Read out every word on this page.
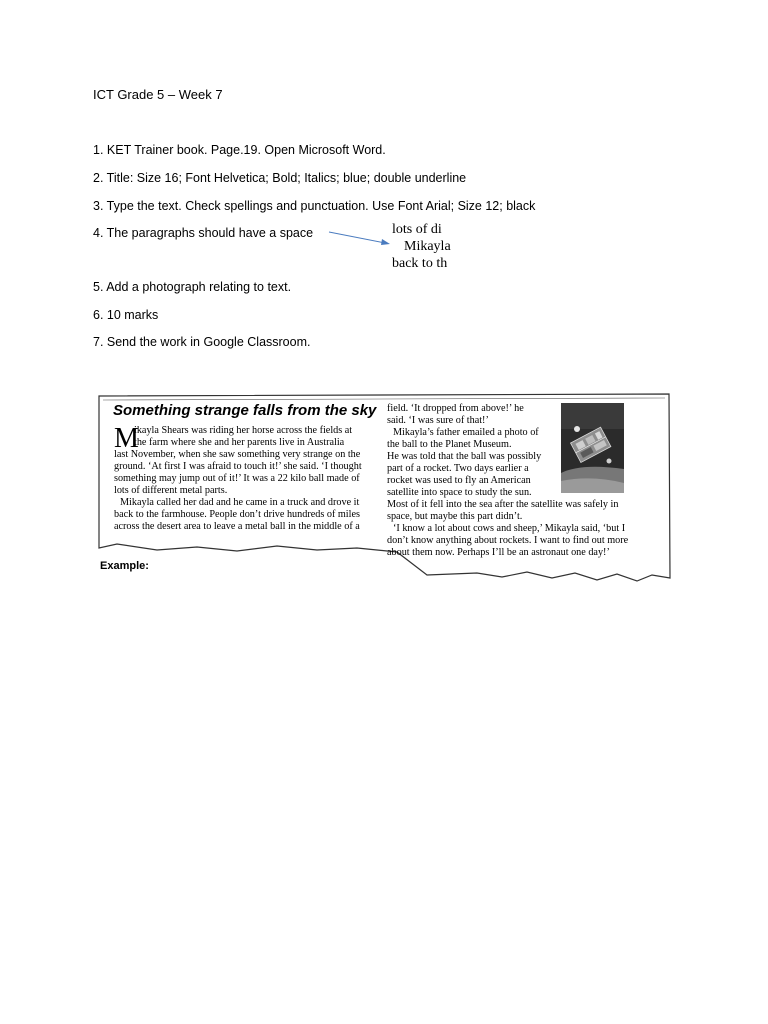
ICT Grade 5 – Week 7

1. KET Trainer book. Page.19. Open Microsoft Word.

2. Title: Size 16; Font Helvetica; Bold; Italics; blue; double underline

3. Type the text. Check spellings and punctuation. Use Font Arial; Size 12; black

4. The paragraphs should have a space

5. Add a photograph relating to text.

6. 10 marks

7. Send the work in Google Classroom.

lots of di
Mikayla
back to th
Something strange falls from the sky
M
ikayla Shears was riding her horse across the fields at
the farm where she and her parents live in Australia
last November, when she saw something very strange on the
ground. ‘At first I was afraid to touch it!’ she said. ‘I thought
something may jump out of it!’ It was a 22 kilo ball made of
lots of different metal parts.
Mikayla called her dad and he came in a truck and drove it
back to the farmhouse. People don’t drive hundreds of miles
across the desert area to leave a metal ball in the middle of a
field. ‘It dropped from above!’ he
said. ‘I was sure of that!’
Mikayla’s father emailed a photo of
the ball to the Planet Museum.
He was told that the ball was possibly
part of a rocket. Two days earlier a
rocket was used to fly an American
satellite into space to study the sun.
Most of it fell into the sea after the satellite was safely in
space, but maybe this part didn’t.
‘I know a lot about cows and sheep,’ Mikayla said, ‘but I
don’t know anything about rockets. I want to find out more
about them now. Perhaps I’ll be an astronaut one day!’
Example:
